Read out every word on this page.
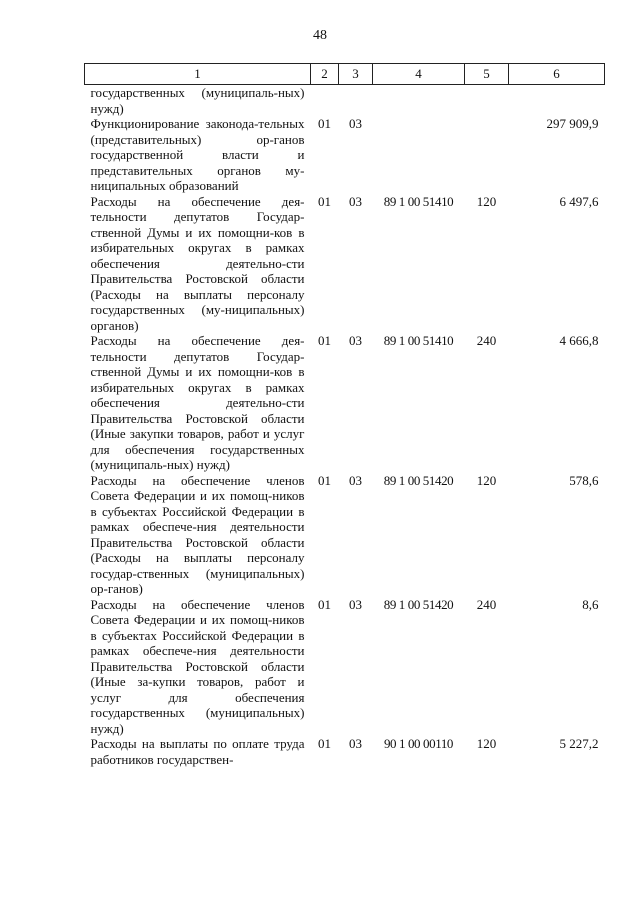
48
1	2	3	4	5	6
государственных (муниципаль-ных) нужд)					
Функционирование законода-тельных (представительных) ор-ганов государственной власти и представительных органов му-ниципальных образований	01	03			297 909,9
Расходы на обеспечение дея-тельности депутатов Государ-ственной Думы и их помощни-ков в избирательных округах в рамках обеспечения деятельно-сти Правительства Ростовской области (Расходы на выплаты персоналу государственных (му-ниципальных) органов)	01	03	89 1 00 51410	120	6 497,6
Расходы на обеспечение дея-тельности депутатов Государ-ственной Думы и их помощни-ков в избирательных округах в рамках обеспечения деятельно-сти Правительства Ростовской области (Иные закупки товаров, работ и услуг для обеспечения государственных (муниципаль-ных) нужд)	01	03	89 1 00 51410	240	4 666,8
Расходы на обеспечение членов Совета Федерации и их помощ-ников в субъектах Российской Федерации в рамках обеспече-ния деятельности Правительства Ростовской области (Расходы на выплаты персоналу государ-ственных (муниципальных) ор-ганов)	01	03	89 1 00 51420	120	578,6
Расходы на обеспечение членов Совета Федерации и их помощ-ников в субъектах Российской Федерации в рамках обеспече-ния деятельности Правительства Ростовской области (Иные за-купки товаров, работ и услуг для обеспечения государственных (муниципальных) нужд)	01	03	89 1 00 51420	240	8,6
Расходы на выплаты по оплате труда работников государствен-	01	03	90 1 00 00110	120	5 227,2
